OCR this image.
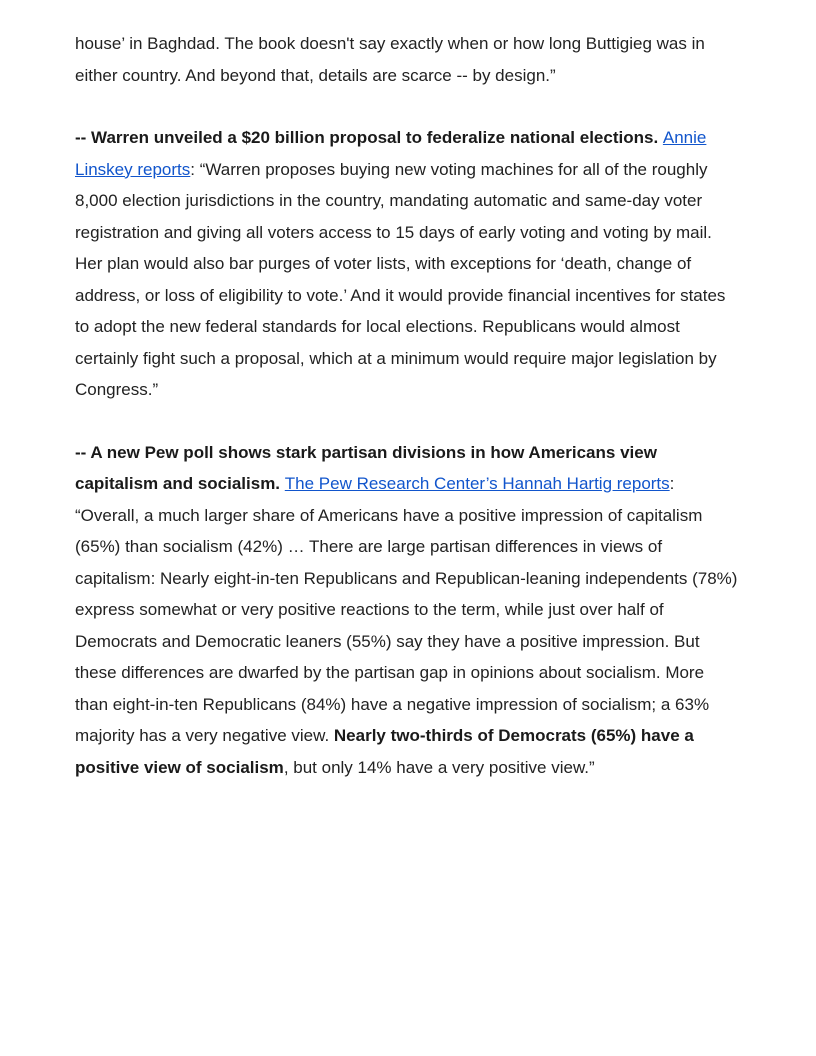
house’ in Baghdad. The book doesn't say exactly when or how long Buttigieg was in either country. And beyond that, details are scarce -- by design.”

-- Warren unveiled a $20 billion proposal to federalize national elections. Annie Linskey reports: “Warren proposes buying new voting machines for all of the roughly 8,000 election jurisdictions in the country, mandating automatic and same-day voter registration and giving all voters access to 15 days of early voting and voting by mail. Her plan would also bar purges of voter lists, with exceptions for ‘death, change of address, or loss of eligibility to vote.’ And it would provide financial incentives for states to adopt the new federal standards for local elections. Republicans would almost certainly fight such a proposal, which at a minimum would require major legislation by Congress.”

-- A new Pew poll shows stark partisan divisions in how Americans view capitalism and socialism. The Pew Research Center’s Hannah Hartig reports: “Overall, a much larger share of Americans have a positive impression of capitalism (65%) than socialism (42%) … There are large partisan differences in views of capitalism: Nearly eight-in-ten Republicans and Republican-leaning independents (78%) express somewhat or very positive reactions to the term, while just over half of Democrats and Democratic leaners (55%) say they have a positive impression. But these differences are dwarfed by the partisan gap in opinions about socialism. More than eight-in-ten Republicans (84%) have a negative impression of socialism; a 63% majority has a very negative view. Nearly two-thirds of Democrats (65%) have a positive view of socialism, but only 14% have a very positive view.”
